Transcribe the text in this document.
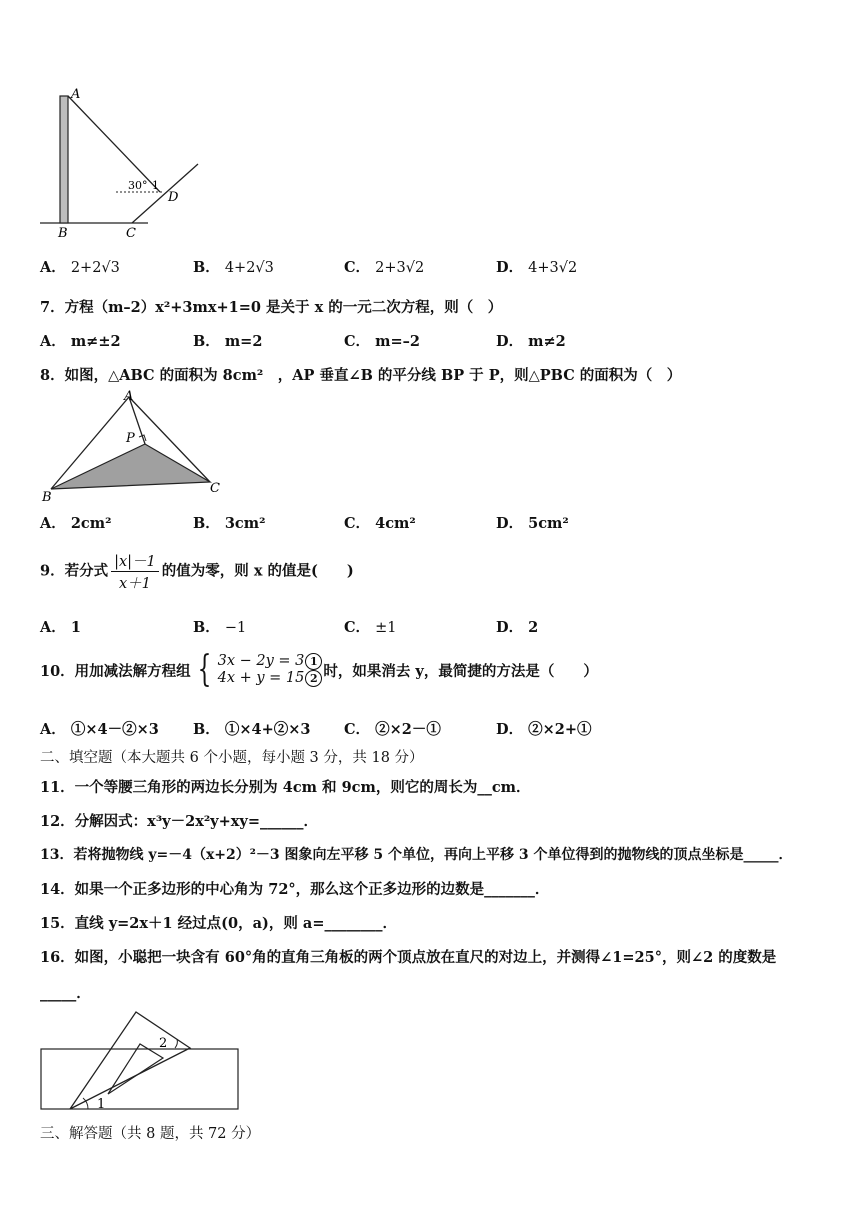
A
B	C
D
30° 1
A． 2+2√3	B． 4+2√3	C． 2+3√2	D． 4+3√2
7．方程（m–2）x²+3mx+1=0 是关于 x 的一元二次方程，则（　）
A． m≠±2	B． m=2	C． m=–2	D． m≠2
8．如图，△ABC 的面积为 8cm²　，AP 垂直∠B 的平分线 BP 于 P，则△PBC 的面积为（　）
A
P
B
C
A． 2cm²	B． 3cm²	C． 4cm²	D． 5cm²
9．若分式 $\frac{|x|-1}{x+1}$ 的值为零，则 x 的值是(　　)
A． 1	B． −1	C． ±1	D． 2
10．用加减法解方程组 { 3x − 2y = 3 1
4x + y = 15 2 时，如果消去 y，最简捷的方法是（　　）
A． ①×4－②×3 B． ①×4+②×3 C． ②×2－①	D． ②×2+①
二、填空题（本大题共 6 个小题，每小题 3 分，共 18 分）
11．一个等腰三角形的两边长分别为 4cm 和 9cm，则它的周长为__cm．
12．分解因式：x³y－2x²y+xy=______．
13．若将抛物线 y=－4（x+2）²－3 图象向左平移 5 个单位，再向上平移 3 个单位得到的抛物线的顶点坐标是_____．
14．如果一个正多边形的中心角为 72°，那么这个正多边形的边数是_______．
15．直线 y=2x＋1 经过点(0，a)，则 a=________．
16．如图，小聪把一块含有 60°角的直角三角板的两个顶点放在直尺的对边上，并测得∠1=25°，则∠2 的度数是
_____．
1
2
三、解答题（共 8 题，共 72 分）
